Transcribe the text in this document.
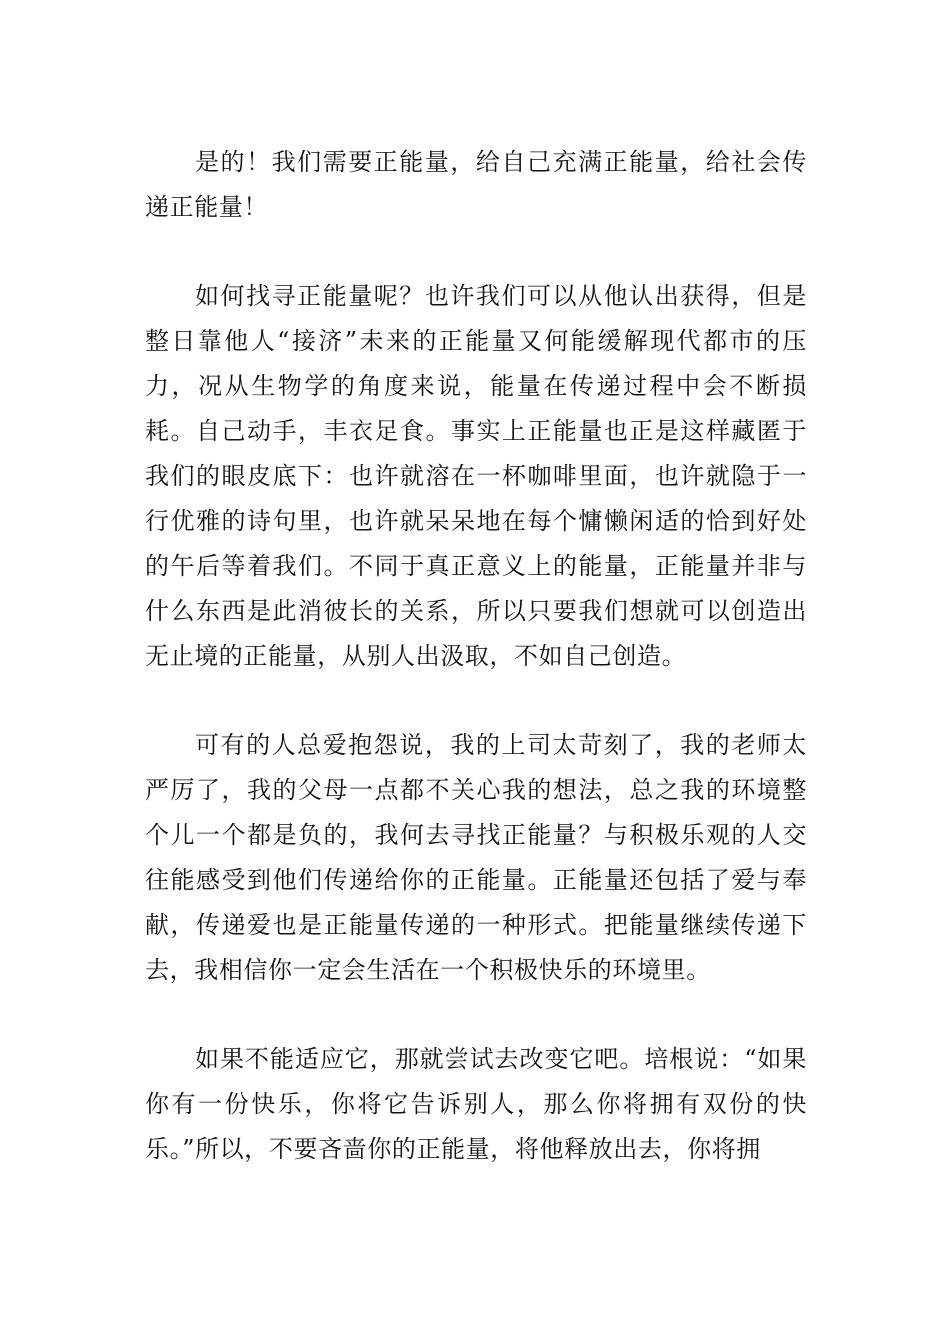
是的！我们需要正能量，给自己充满正能量，给社会传递正能量！

如何找寻正能量呢？也许我们可以从他认出获得，但是整日靠他人“接济”未来的正能量又何能缓解现代都市的压力，况从生物学的角度来说，能量在传递过程中会不断损耗。自己动手，丰衣足食。事实上正能量也正是这样藏匿于我们的眼皮底下：也许就溶在一杯咖啡里面，也许就隐于一行优雅的诗句里，也许就呆呆地在每个慵懒闲适的恰到好处的午后等着我们。不同于真正意义上的能量，正能量并非与什么东西是此消彼长的关系，所以只要我们想就可以创造出无止境的正能量，从别人出汲取，不如自己创造。

可有的人总爱抱怨说，我的上司太苛刻了，我的老师太严厉了，我的父母一点都不关心我的想法，总之我的环境整个儿一个都是负的，我何去寻找正能量？与积极乐观的人交往能感受到他们传递给你的正能量。正能量还包括了爱与奉献，传递爱也是正能量传递的一种形式。把能量继续传递下去，我相信你一定会生活在一个积极快乐的环境里。

如果不能适应它，那就尝试去改变它吧。培根说：“如果你有一份快乐，你将它告诉别人，那么你将拥有双份的快乐。”所以，不要吝啬你的正能量，将他释放出去，你将拥
